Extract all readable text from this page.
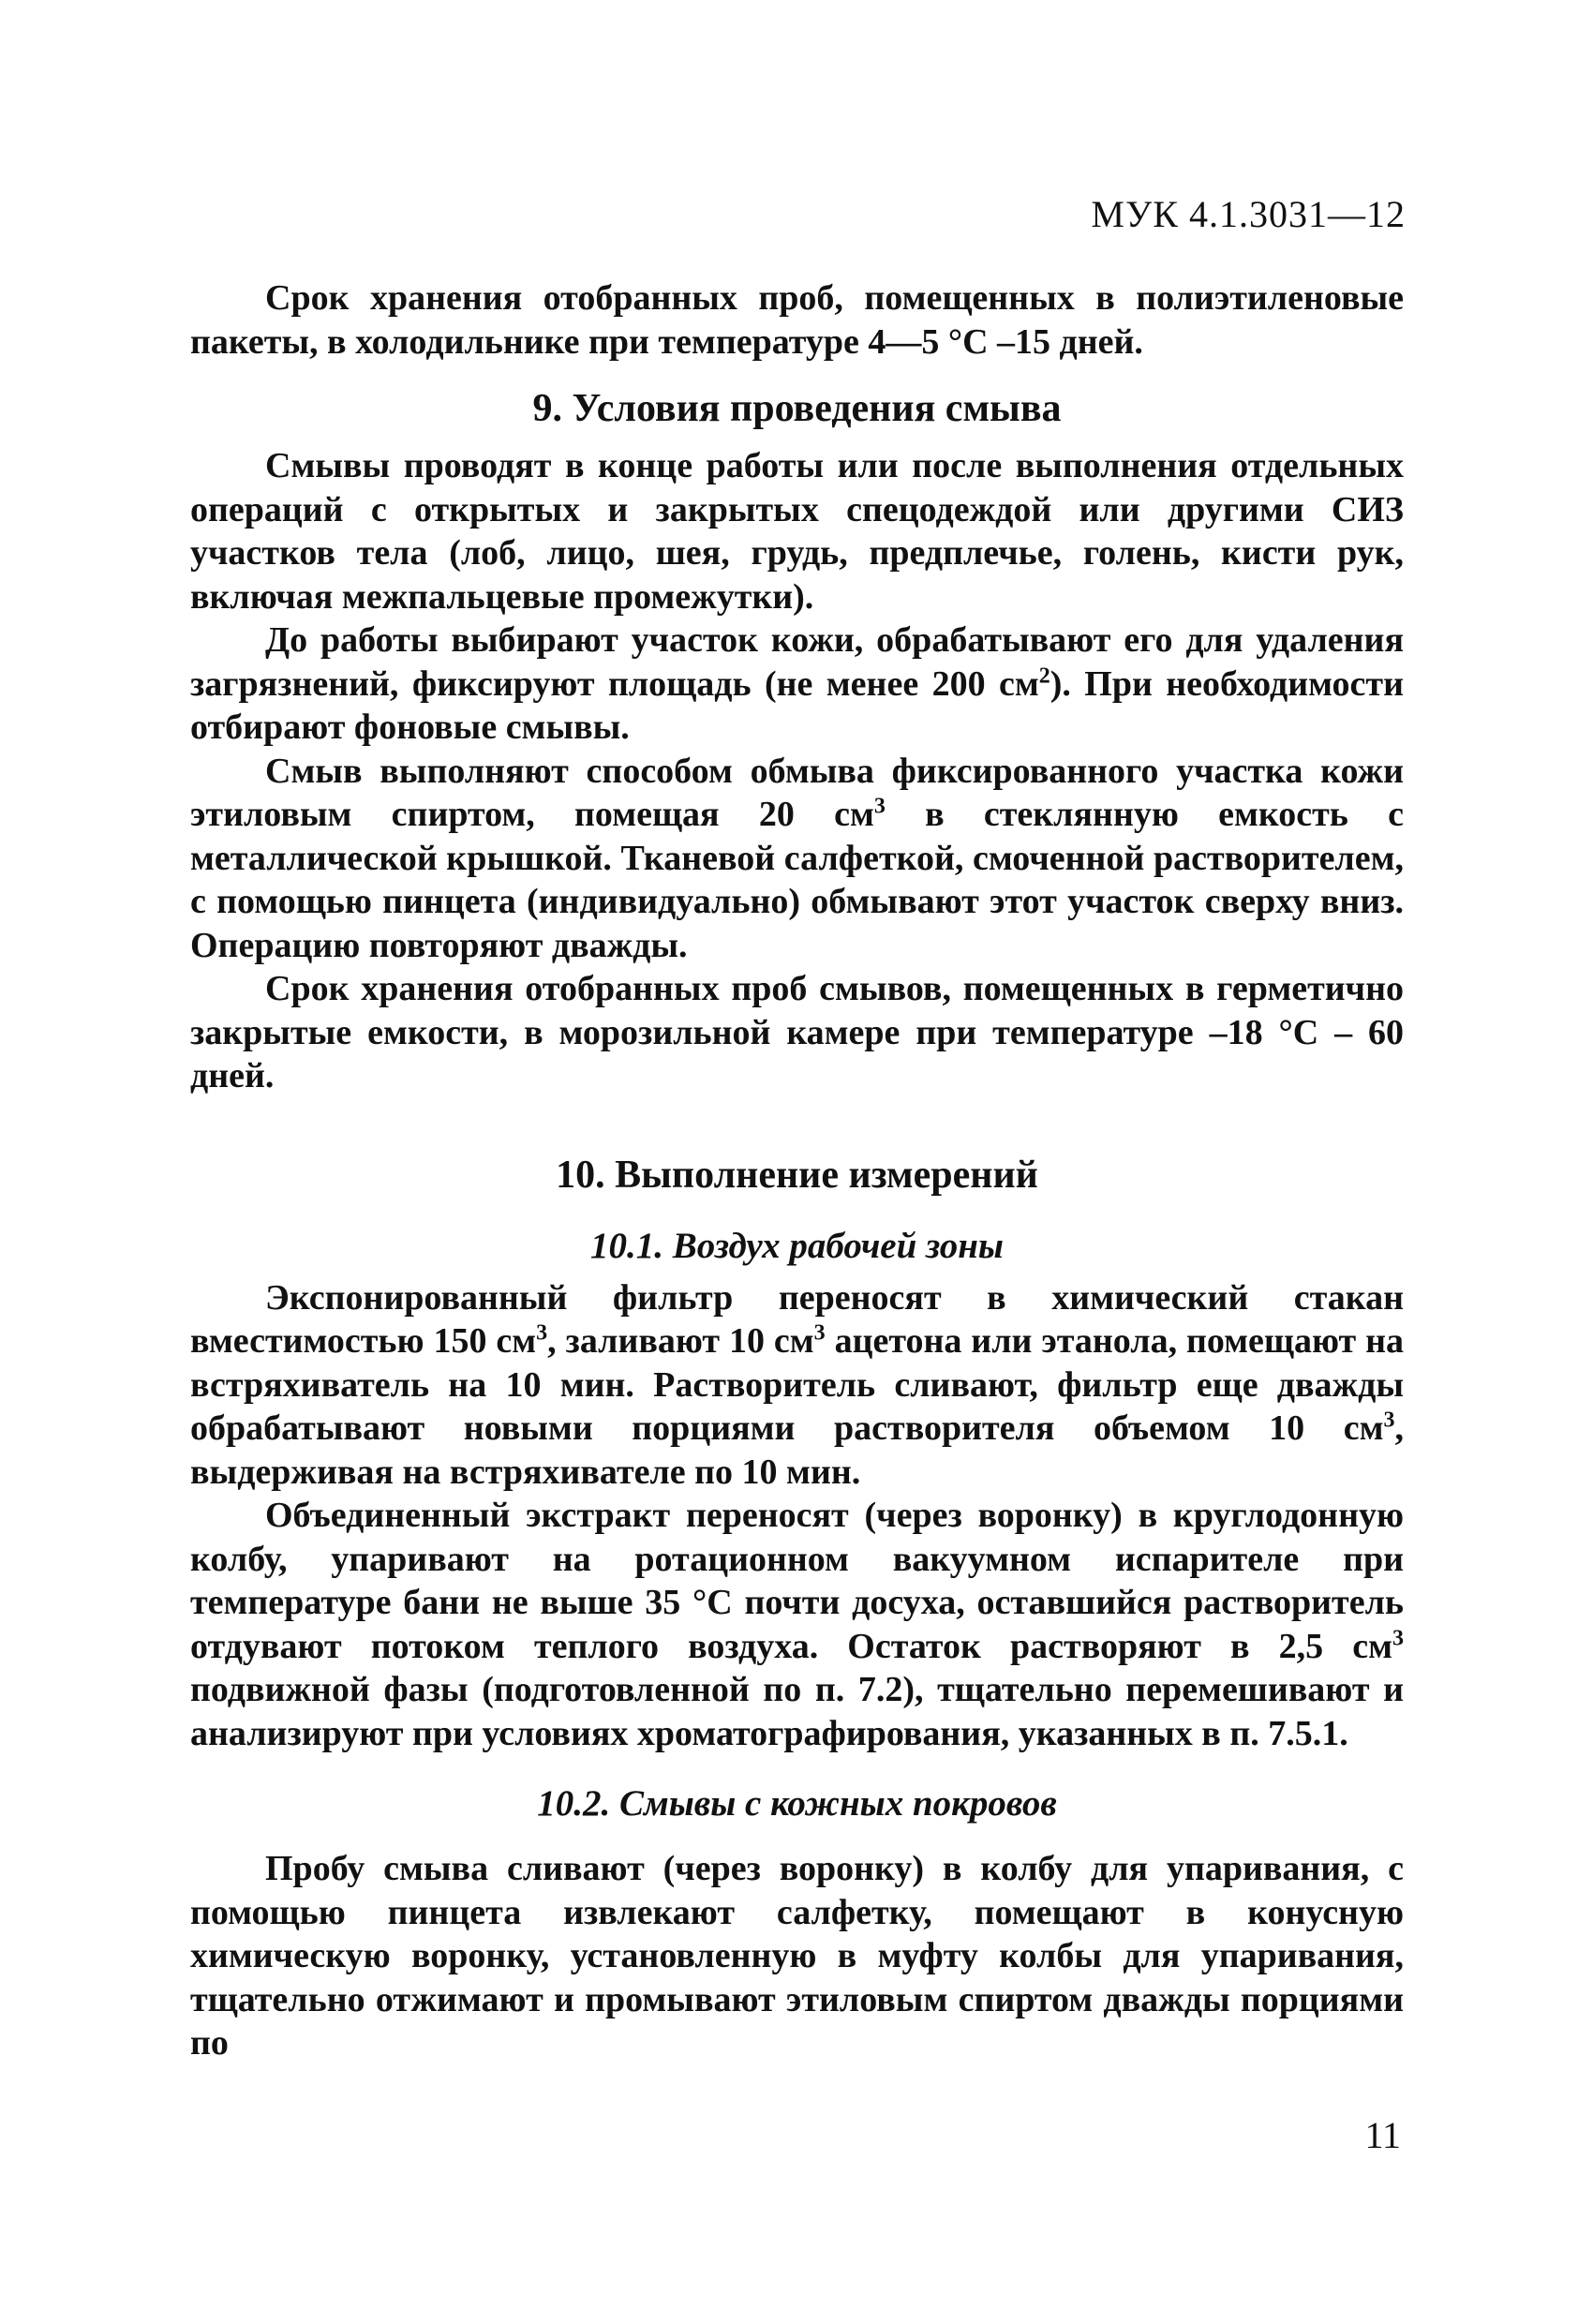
МУК 4.1.3031—12

Срок хранения отобранных проб, помещенных в полиэтиленовые пакеты, в холодильнике при температуре 4—5 °С –15 дней.

9. Условия проведения смыва

Смывы проводят в конце работы или после выполнения отдельных операций с открытых и закрытых спецодеждой или другими СИЗ участков тела (лоб, лицо, шея, грудь, предплечье, голень, кисти рук, включая межпальцевые промежутки).

До работы выбирают участок кожи, обрабатывают его для удаления загрязнений, фиксируют площадь (не менее 200 $см^2$). При необходимости отбирают фоновые смывы.

Смыв выполняют способом обмыва фиксированного участка кожи этиловым спиртом, помещая 20 $см^3$ в стеклянную емкость с металлической крышкой. Тканевой салфеткой, смоченной растворителем, с помощью пинцета (индивидуально) обмывают этот участок сверху вниз. Операцию повторяют дважды.

Срок хранения отобранных проб смывов, помещенных в герметично закрытые емкости, в морозильной камере при температуре –18 °С – 60 дней.

10. Выполнение измерений
10.1. Воздух рабочей зоны

Экспонированный фильтр переносят в химический стакан вместимостью 150 $см^3$, заливают 10 $см^3$ ацетона или этанола, помещают на встряхиватель на 10 мин. Растворитель сливают, фильтр еще дважды обрабатывают новыми порциями растворителя объемом 10 $см^3$, выдерживая на встряхивателе по 10 мин.

Объединенный экстракт переносят (через воронку) в круглодонную колбу, упаривают на ротационном вакуумном испарителе при температуре бани не выше 35 °С почти досуха, оставшийся растворитель отдувают потоком теплого воздуха. Остаток растворяют в 2,5 $см^3$ подвижной фазы (подготовленной по п. 7.2), тщательно перемешивают и анализируют при условиях хроматографирования, указанных в п. 7.5.1.

10.2. Смывы с кожных покровов

Пробу смыва сливают (через воронку) в колбу для упаривания, с помощью пинцета извлекают салфетку, помещают в конусную химическую воронку, установленную в муфту колбы для упаривания, тщательно отжимают и промывают этиловым спиртом дважды порциями по

11
